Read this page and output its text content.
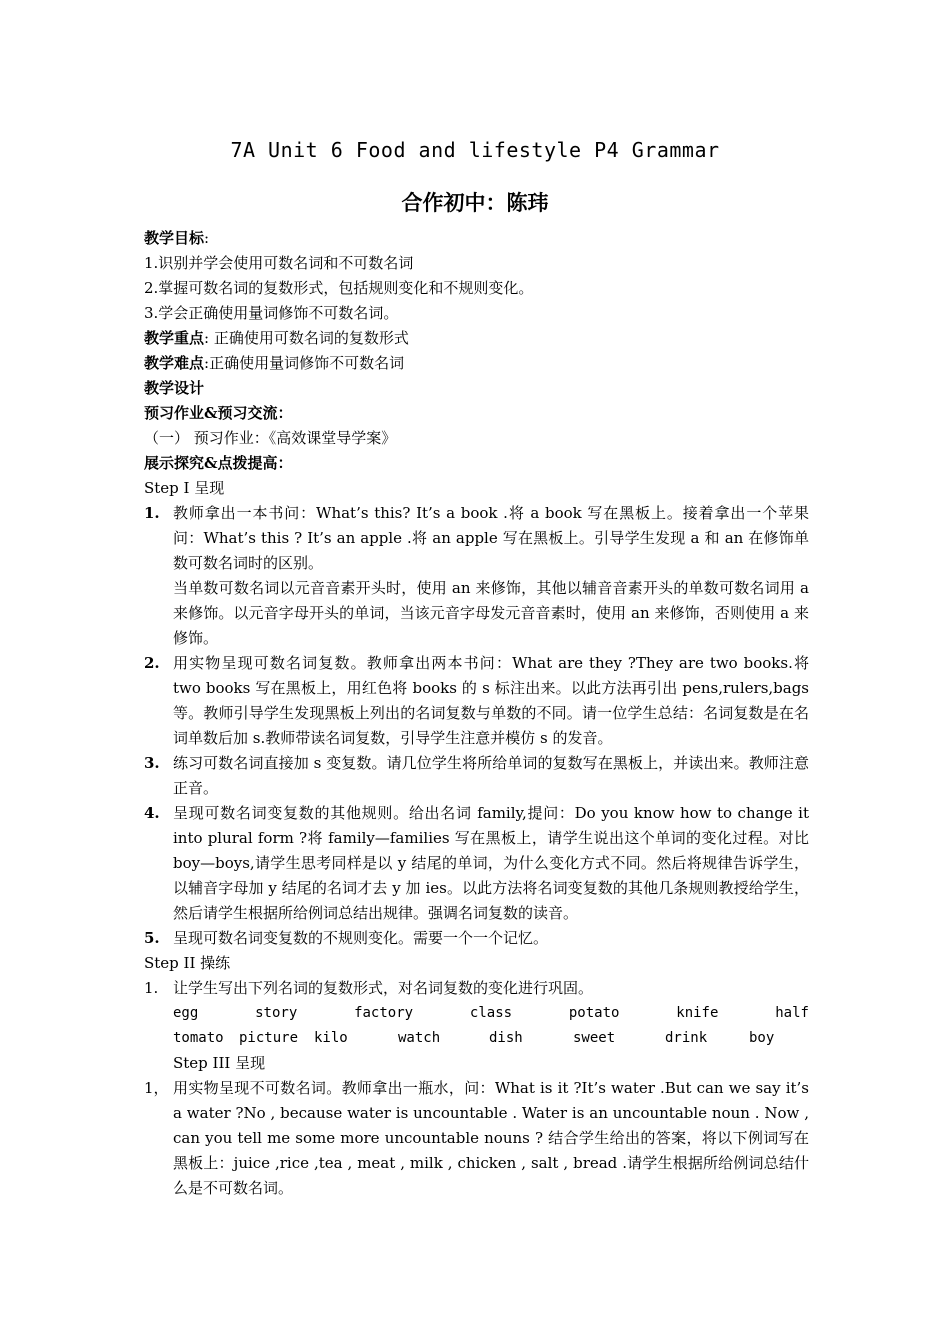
7A Unit 6 Food and lifestyle P4 Grammar
合作初中：陈玮
教学目标:
1.识别并学会使用可数名词和不可数名词
2.掌握可数名词的复数形式，包括规则变化和不规则变化。
3.学会正确使用量词修饰不可数名词。
教学重点: 正确使用可数名词的复数形式
教学难点:正确使用量词修饰不可数名词
教学设计
预习作业&预习交流：
（一） 预习作业：《高效课堂导学案》
展示探究&点拨提高：
Step I 呈现
1. 教师拿出一本书问：What’s this? It’s a book .将 a book 写在黑板上。接着拿出一个苹果问：What’s this ? It’s an apple .将 an apple 写在黑板上。引导学生发现 a 和 an 在修饰单数可数名词时的区别。
当单数可数名词以元音音素开头时，使用 an 来修饰，其他以辅音音素开头的单数可数名词用 a 来修饰。以元音字母开头的单词，当该元音字母发元音音素时，使用 an 来修饰，否则使用 a 来修饰。
2. 用实物呈现可数名词复数。教师拿出两本书问：What are they ?They are two books.将 two books 写在黑板上，用红色将 books 的 s 标注出来。以此方法再引出 pens,rulers,bags 等。教师引导学生发现黑板上列出的名词复数与单数的不同。请一位学生总结：名词复数是在名词单数后加 s.教师带读名词复数，引导学生注意并模仿 s 的发音。
3. 练习可数名词直接加 s 变复数。请几位学生将所给单词的复数写在黑板上，并读出来。教师注意正音。
4. 呈现可数名词变复数的其他规则。给出名词 family,提问：Do you know how to change it into plural form ?将 family—families 写在黑板上，请学生说出这个单词的变化过程。对比 boy—boys,请学生思考同样是以 y 结尾的单词，为什么变化方式不同。然后将规律告诉学生，以辅音字母加 y 结尾的名词才去 y 加 ies。以此方法将名词变复数的其他几条规则教授给学生，然后请学生根据所给例词总结出规律。强调名词复数的读音。
5. 呈现可数名词变复数的不规则变化。需要一个一个记忆。
Step II 操练
1. 让学生写出下列名词的复数形式，对名词复数的变化进行巩固。
egg	story	factory	class	potato	knife	half
tomato	picture	kilo	watch	dish	sweet	drink	boy
Step III 呈现
1， 用实物呈现不可数名词。教师拿出一瓶水，问：What is it ?It’s water .But can we say it’s a water ?No , because water is uncountable . Water is an uncountable noun . Now , can you tell me some more uncountable nouns ? 结合学生给出的答案，将以下例词写在黑板上：juice ,rice ,tea , meat , milk , chicken , salt , bread .请学生根据所给例词总结什么是不可数名词。
